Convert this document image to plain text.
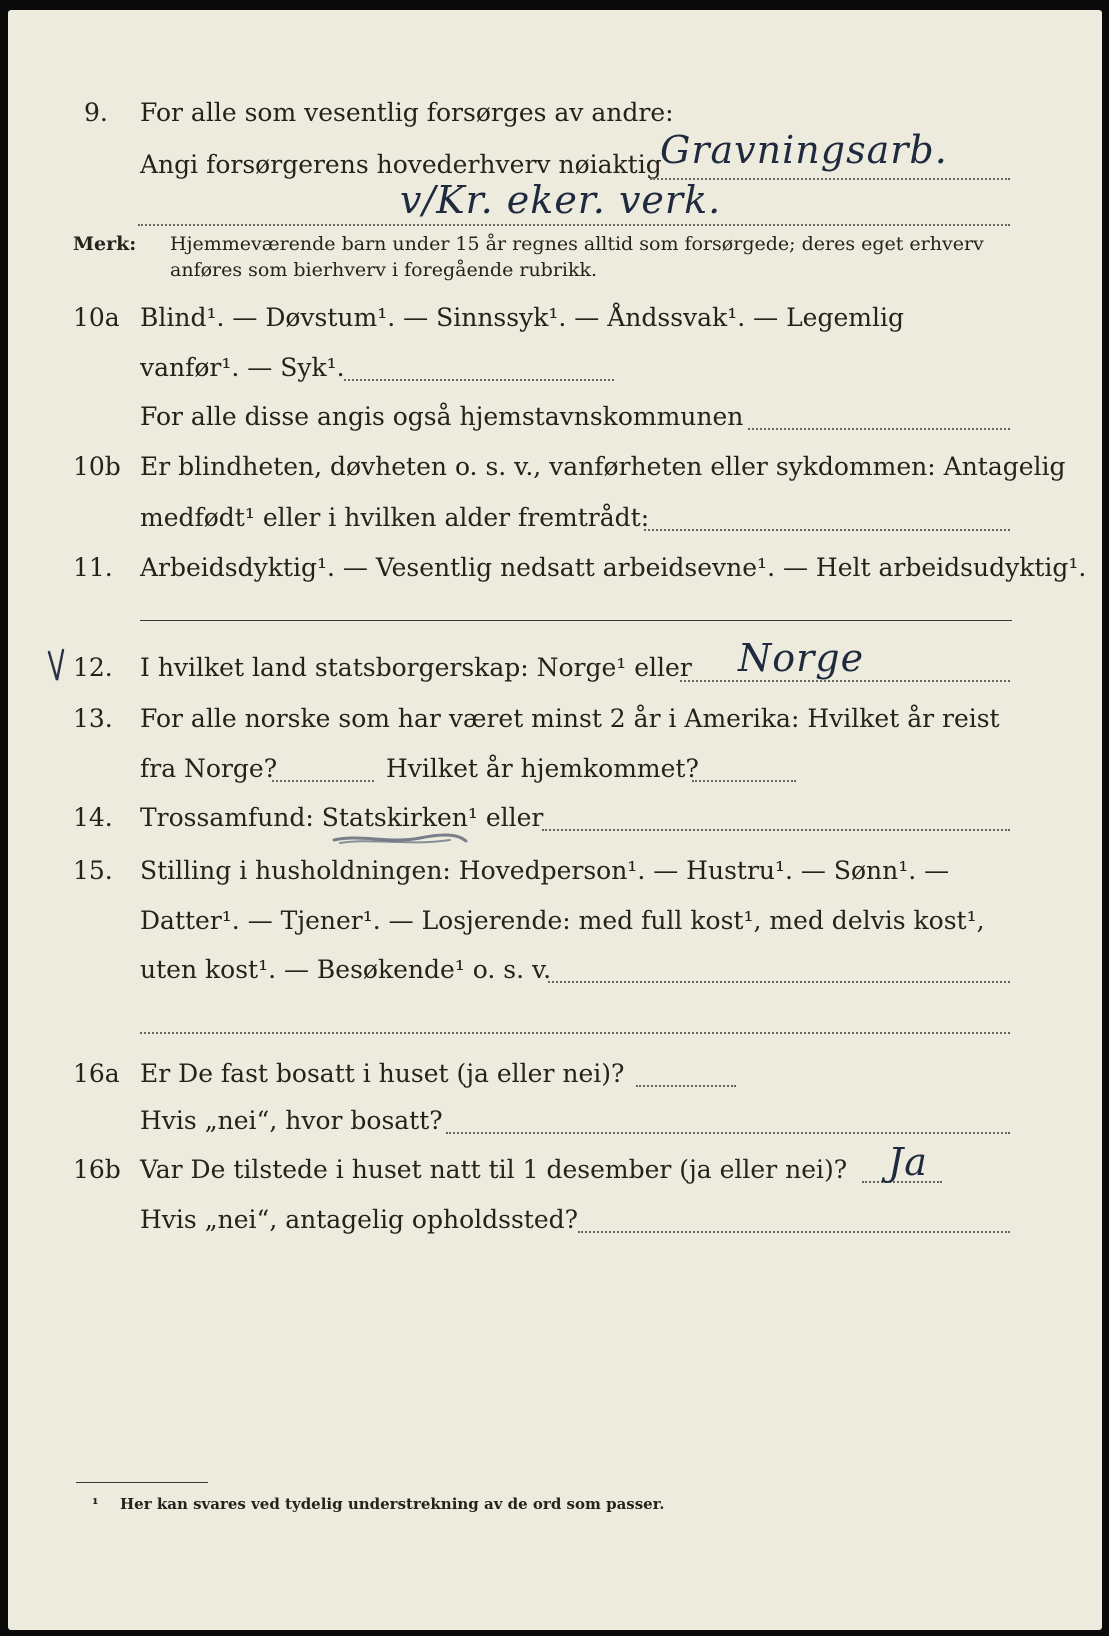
9. For alle som vesentlig forsørges av andre:
Angi forsørgerens hovederhverv nøiaktig
Gravningsarb.
v/Kr. eker. verk.
Merk: Hjemmeværende barn under 15 år regnes alltid som forsørgede; deres eget erhverv
anføres som bierhverv i foregående rubrikk.
10a Blind¹. — Døvstum¹. — Sinnssyk¹. — Åndssvak¹. — Legemlig
vanfør¹. — Syk¹.
For alle disse angis også hjemstavnskommunen
10b Er blindheten, døvheten o. s. v., vanførheten eller sykdommen: Antagelig
medfødt¹ eller i hvilken alder fremtrådt:
11. Arbeidsdyktig¹. — Vesentlig nedsatt arbeidsevne¹. — Helt arbeidsudyktig¹.
12. I hvilket land statsborgerskap: Norge¹ eller Norge
13. For alle norske som har været minst 2 år i Amerika: Hvilket år reist
fra Norge?	Hvilket år hjemkommet?
14. Trossamfund: Statskirken¹ eller
15. Stilling i husholdningen: Hovedperson¹. — Hustru¹. — Sønn¹. —
Datter¹. — Tjener¹. — Losjerende: med full kost¹, med delvis kost¹,
uten kost¹. — Besøkende¹ o. s. v.
16a Er De fast bosatt i huset (ja eller nei)?
Hvis „nei“, hvor bosatt?
16b Var De tilstede i huset natt til 1 desember (ja eller nei)? Ja
Hvis „nei“, antagelig opholdssted?
¹ Her kan svares ved tydelig understrekning av de ord som passer.
